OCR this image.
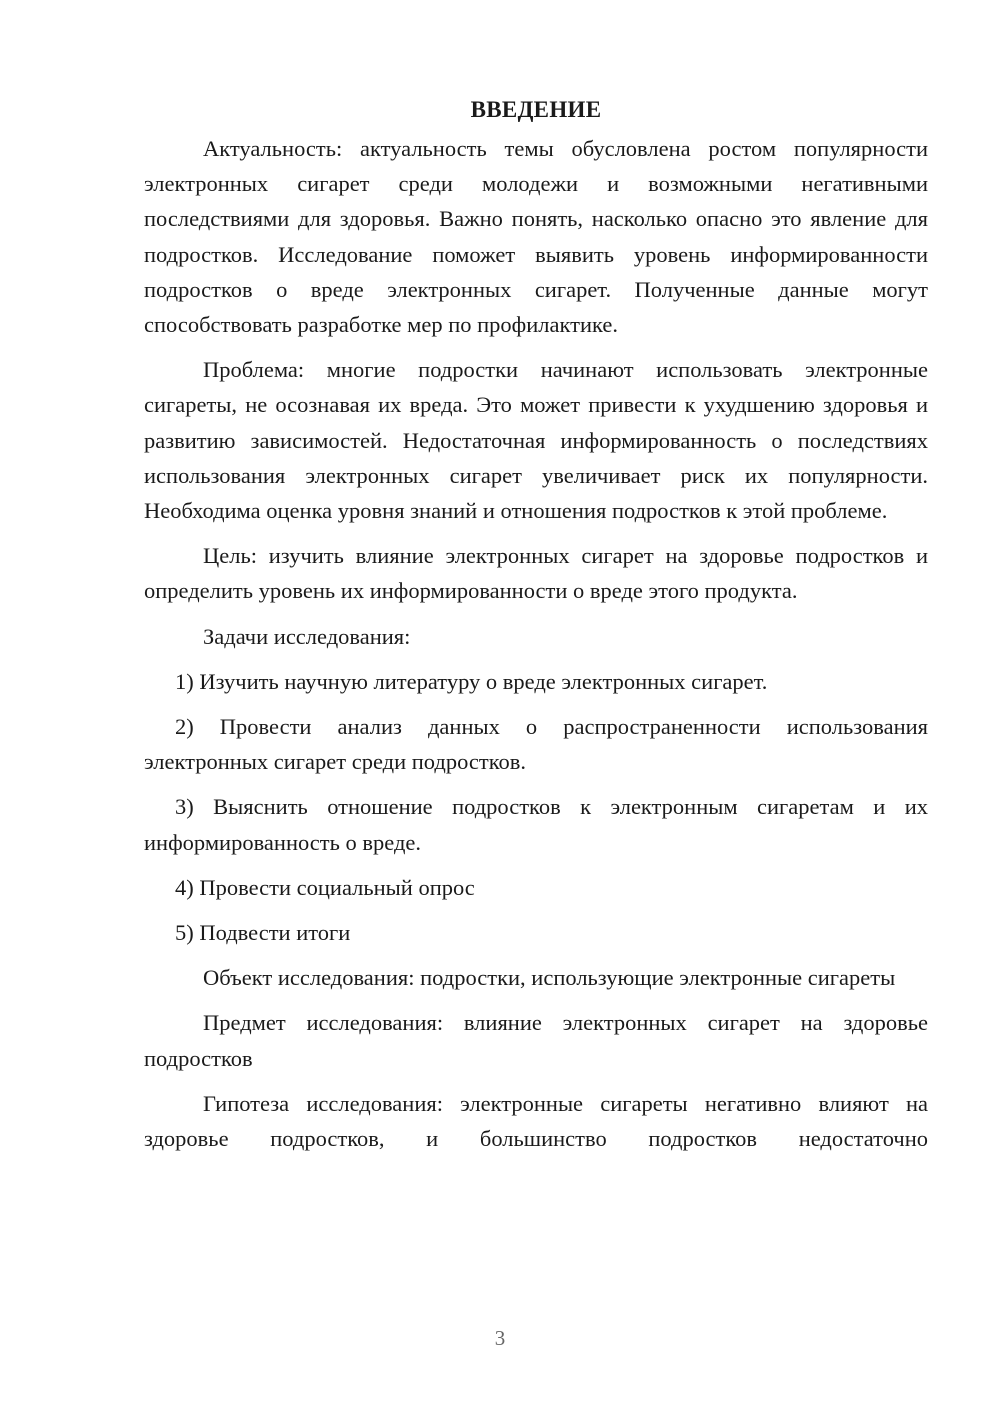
ВВЕДЕНИЕ

Актуальность: актуальность темы обусловлена ростом популярности электронных сигарет среди молодежи и возможными негативными последствиями для здоровья. Важно понять, насколько опасно это явление для подростков. Исследование поможет выявить уровень информированности подростков о вреде электронных сигарет. Полученные данные могут способствовать разработке мер по профилактике.

Проблема: многие подростки начинают использовать электронные сигареты, не осознавая их вреда. Это может привести к ухудшению здоровья и развитию зависимостей. Недостаточная информированность о последствиях использования электронных сигарет увеличивает риск их популярности. Необходима оценка уровня знаний и отношения подростков к этой проблеме.

Цель: изучить влияние электронных сигарет на здоровье подростков и определить уровень их информированности о вреде этого продукта.

Задачи исследования:

1) Изучить научную литературу о вреде электронных сигарет.

2) Провести анализ данных о распространенности использования электронных сигарет среди подростков.

3) Выяснить отношение подростков к электронным сигаретам и их информированность о вреде.

4) Провести социальный опрос

5) Подвести итоги

Объект исследования: подростки, использующие электронные сигареты

Предмет исследования: влияние электронных сигарет на здоровье подростков

Гипотеза исследования: электронные сигареты негативно влияют на здоровье подростков, и большинство подростков недостаточно

3
